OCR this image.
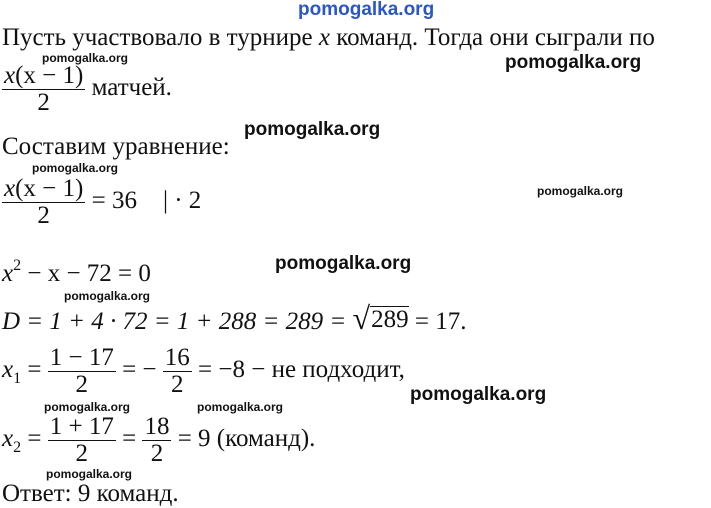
pomogalka.org
Пусть участвовало в турнире x команд. Тогда они сыграли по
$\frac{x(x - 1)}{2}$ матчей.
Составим уравнение:
$\frac{x(x - 1)}{2} = 36$ | · 2
$x^2 - x - 72 = 0$
D = 1 + 4 · 72 = 1 + 288 = 289 = √ 289 = 17.
$x_1 = \frac{1 - 17}{2}$ = − $\frac{16}{2} = -8$ − не подходит,
$x_2 = \frac{1 + 17}{2} = \frac{18}{2} = 9$ (команд).
Ответ: 9 команд.
pomogalka.org
pomogalka.org
pomogalka.org
pomogalka.org
pomogalka.org
pomogalka.org
pomogalka.org
pomogalka.org
pomogalka.org	pomogalka.org
pomogalka.org
